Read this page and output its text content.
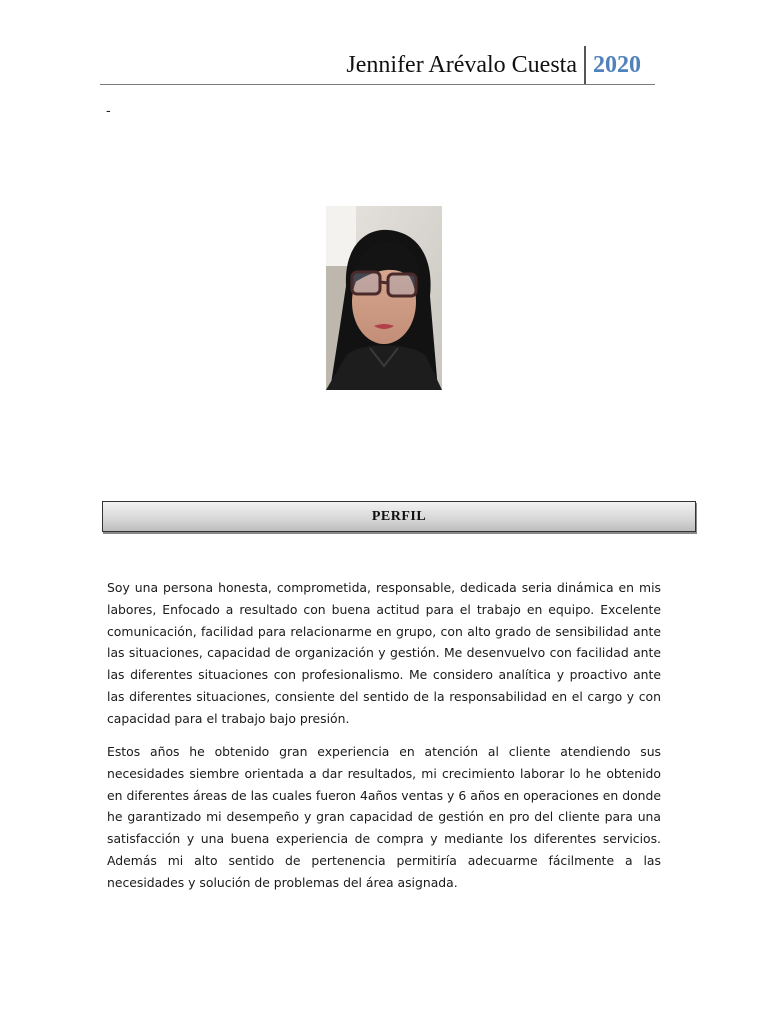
Jennifer Arévalo Cuesta 2020
-
PERFIL

Soy una persona honesta, comprometida, responsable, dedicada seria dinámica en mis labores, Enfocado a resultado con buena actitud para el trabajo en equipo. Excelente comunicación, facilidad para relacionarme en grupo, con alto grado de sensibilidad ante las situaciones, capacidad de organización y gestión. Me desenvuelvo con facilidad ante las diferentes situaciones con profesionalismo. Me considero analítica y proactivo ante las diferentes situaciones, consiente del sentido de la responsabilidad en el cargo y con capacidad para el trabajo bajo presión.

Estos años he obtenido gran experiencia en atención al cliente atendiendo sus necesidades siembre orientada a dar resultados, mi crecimiento laborar lo he obtenido en diferentes áreas de las cuales fueron 4años ventas y 6 años en operaciones en donde he garantizado mi desempeño y gran capacidad de gestión en pro del cliente para una satisfacción y una buena experiencia de compra y mediante los diferentes servicios. Además mi alto sentido de pertenencia permitiría adecuarme fácilmente a las necesidades y solución de problemas del área asignada.
